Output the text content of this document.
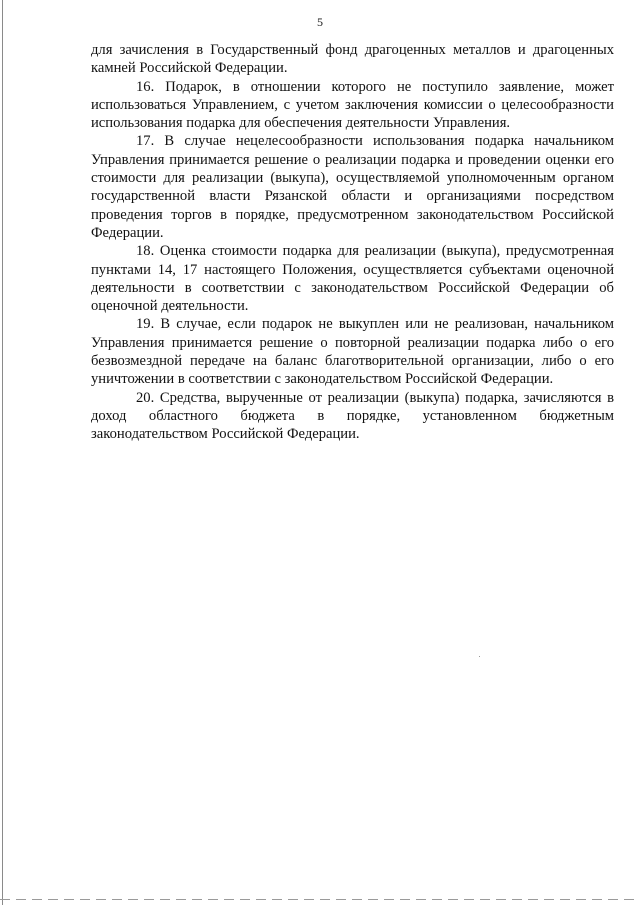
5

для зачисления в Государственный фонд драгоценных металлов и драгоценных камней Российской Федерации.

16. Подарок, в отношении которого не поступило заявление, может использоваться Управлением, с учетом заключения комиссии о целесообразности использования подарка для обеспечения деятельности Управления.

17. В случае нецелесообразности использования подарка начальником Управления принимается решение о реализации подарка и проведении оценки его стоимости для реализации (выкупа), осуществляемой уполномоченным органом государственной власти Рязанской области и организациями посредством проведения торгов в порядке, предусмотренном законодательством Российской Федерации.

18. Оценка стоимости подарка для реализации (выкупа), предусмотренная пунктами 14, 17 настоящего Положения, осуществляется субъектами оценочной деятельности в соответствии с законодательством Российской Федерации об оценочной деятельности.

19. В случае, если подарок не выкуплен или не реализован, начальником Управления принимается решение о повторной реализации подарка либо о его безвозмездной передаче на баланс благотворительной организации, либо о его уничтожении в соответствии с законодательством Российской Федерации.

20. Средства, вырученные от реализации (выкупа) подарка, зачисляются в доход областного бюджета в порядке, установленном бюджетным законодательством Российской Федерации.
